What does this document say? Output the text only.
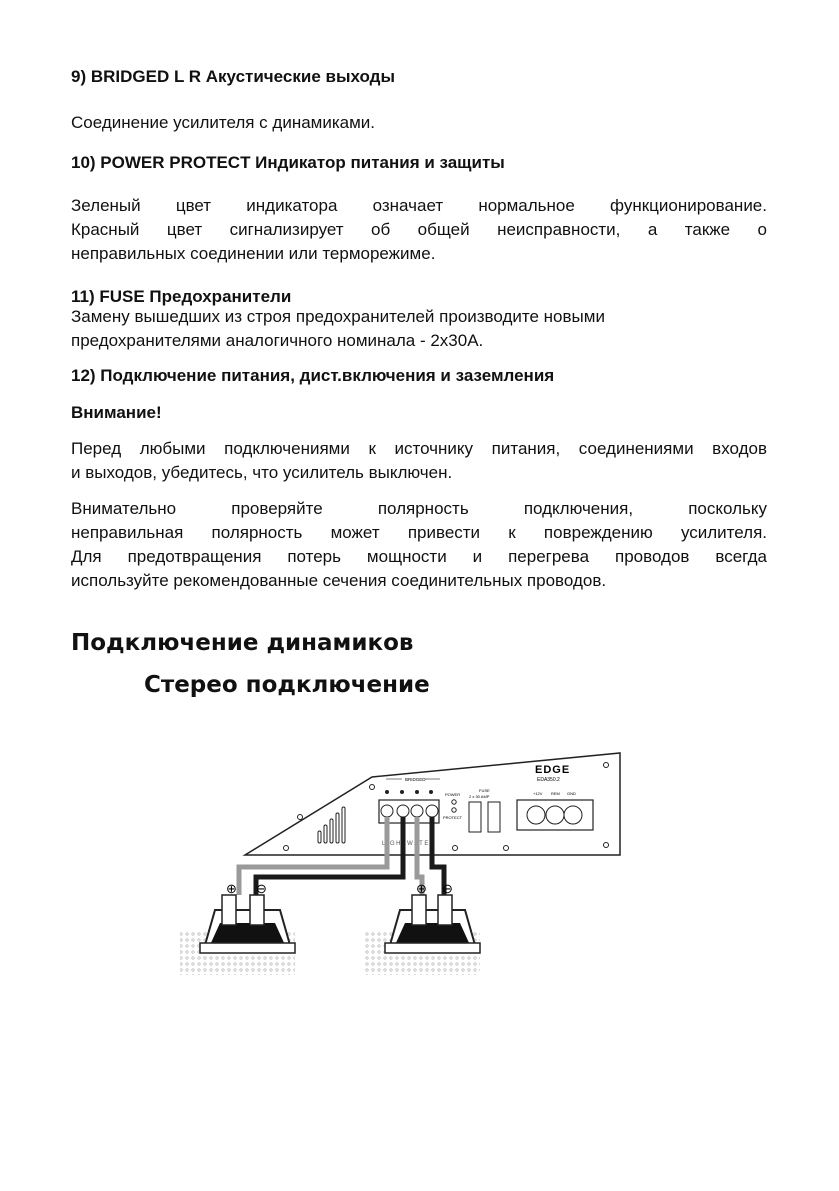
9) BRIDGED L R Акустические выходы
Соединение усилителя с динамиками.
10) POWER PROTECT Индикатор питания и защиты
Зеленый цвет индикатора означает нормальное функционирование.
Красный цвет сигнализирует об общей неисправности, а также о
неправильных соединении или терморежиме.
11) FUSE Предохранители
Замену вышедших из строя предохранителей производите новыми
предохранителями аналогичного номинала - 2х30А.
12) Подключение питания, дист.включения и заземления
Внимание!
Перед любыми подключениями к источнику питания, соединениями входов
и выходов, убедитесь, что усилитель выключен.
Внимательно проверяйте полярность подключения, поскольку
неправильная полярность может привести к повреждению усилителя.
Для предотвращения потерь мощности и перегрева проводов всегда
используйте рекомендованные сечения соединительных проводов.
Подключение динамиков
Стерео подключение
BRIDGED
POWER
PROTECT
FUSE
2 x 30 AMP
EDGE
EDA350.2
+12V REM GND
LIGHTWATER
⊕ ⊖	⊕ ⊖
